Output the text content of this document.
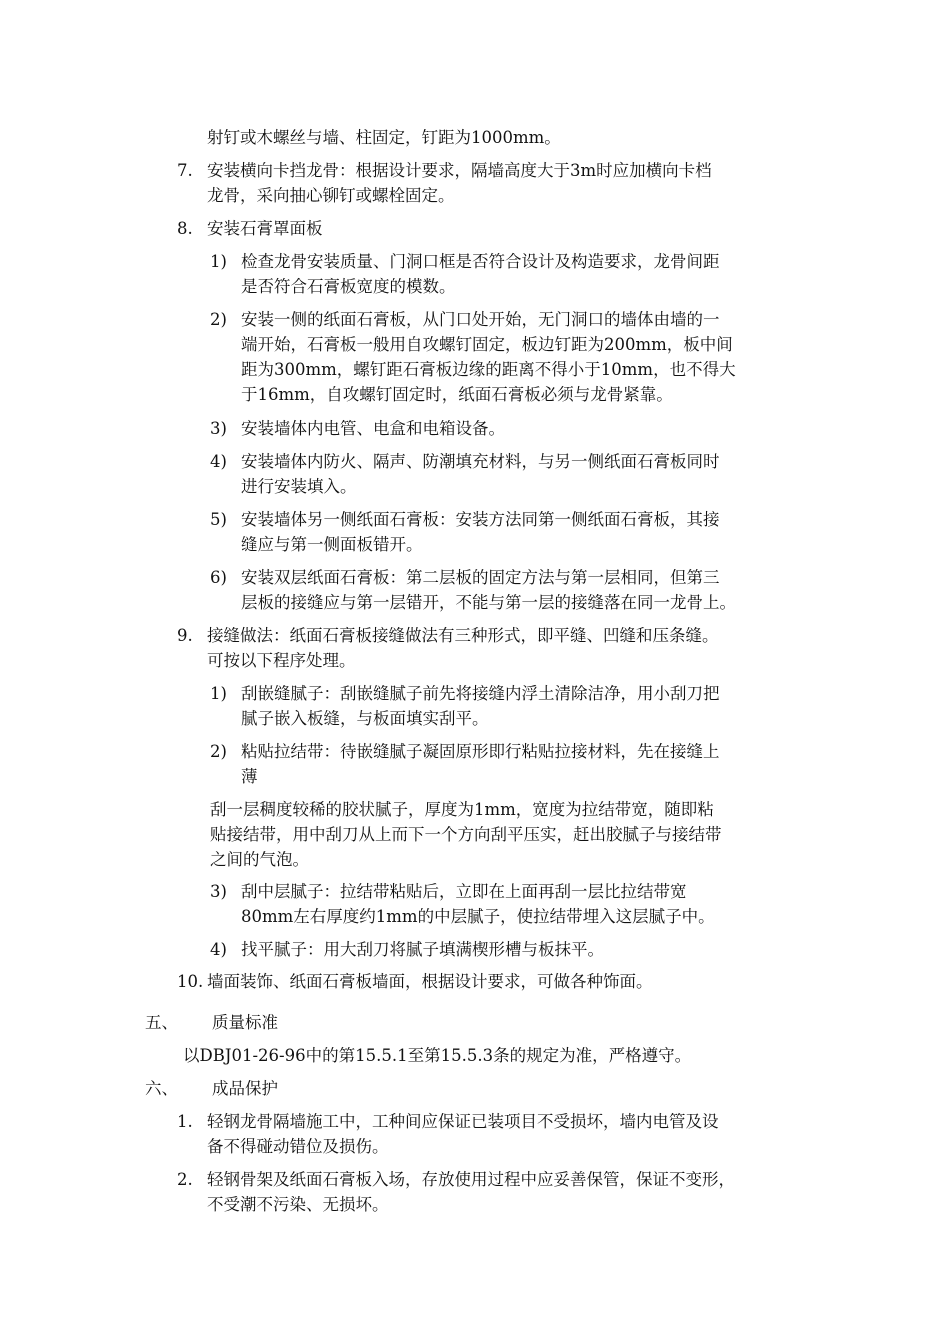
射钉或木螺丝与墙、柱固定，钉距为1000mm。
7. 安装横向卡挡龙骨：根据设计要求，隔墙高度大于3m时应加横向卡档
龙骨，采向抽心铆钉或螺栓固定。
8. 安装石膏罩面板
1) 检查龙骨安装质量、门洞口框是否符合设计及构造要求，龙骨间距
是否符合石膏板宽度的模数。
2) 安装一侧的纸面石膏板，从门口处开始，无门洞口的墙体由墙的一
端开始，石膏板一般用自攻螺钉固定，板边钉距为200mm，板中间
距为300mm，螺钉距石膏板边缘的距离不得小于10mm，也不得大
于16mm，自攻螺钉固定时，纸面石膏板必须与龙骨紧靠。
3) 安装墙体内电管、电盒和电箱设备。
4) 安装墙体内防火、隔声、防潮填充材料，与另一侧纸面石膏板同时
进行安装填入。
5) 安装墙体另一侧纸面石膏板：安装方法同第一侧纸面石膏板，其接
缝应与第一侧面板错开。
6) 安装双层纸面石膏板：第二层板的固定方法与第一层相同，但第三
层板的接缝应与第一层错开，不能与第一层的接缝落在同一龙骨上。
9. 接缝做法：纸面石膏板接缝做法有三种形式，即平缝、凹缝和压条缝。
可按以下程序处理。
1) 刮嵌缝腻子：刮嵌缝腻子前先将接缝内浮土清除洁净，用小刮刀把
腻子嵌入板缝，与板面填实刮平。
2) 粘贴拉结带：待嵌缝腻子凝固原形即行粘贴拉接材料，先在接缝上
薄
刮一层稠度较稀的胶状腻子，厚度为1mm，宽度为拉结带宽，随即粘
贴接结带，用中刮刀从上而下一个方向刮平压实，赶出胶腻子与接结带
之间的气泡。
3) 刮中层腻子：拉结带粘贴后，立即在上面再刮一层比拉结带宽
80mm左右厚度约1mm的中层腻子，使拉结带埋入这层腻子中。
4) 找平腻子：用大刮刀将腻子填满楔形槽与板抹平。
10. 墙面装饰、纸面石膏板墙面，根据设计要求，可做各种饰面。
五、 质量标准
以DBJ01-26-96中的第15.5.1至第15.5.3条的规定为准，严格遵守。
六、 成品保护
1. 轻钢龙骨隔墙施工中，工种间应保证已装项目不受损坏，墙内电管及设
备不得碰动错位及损伤。
2. 轻钢骨架及纸面石膏板入场，存放使用过程中应妥善保管，保证不变形，
不受潮不污染、无损坏。
